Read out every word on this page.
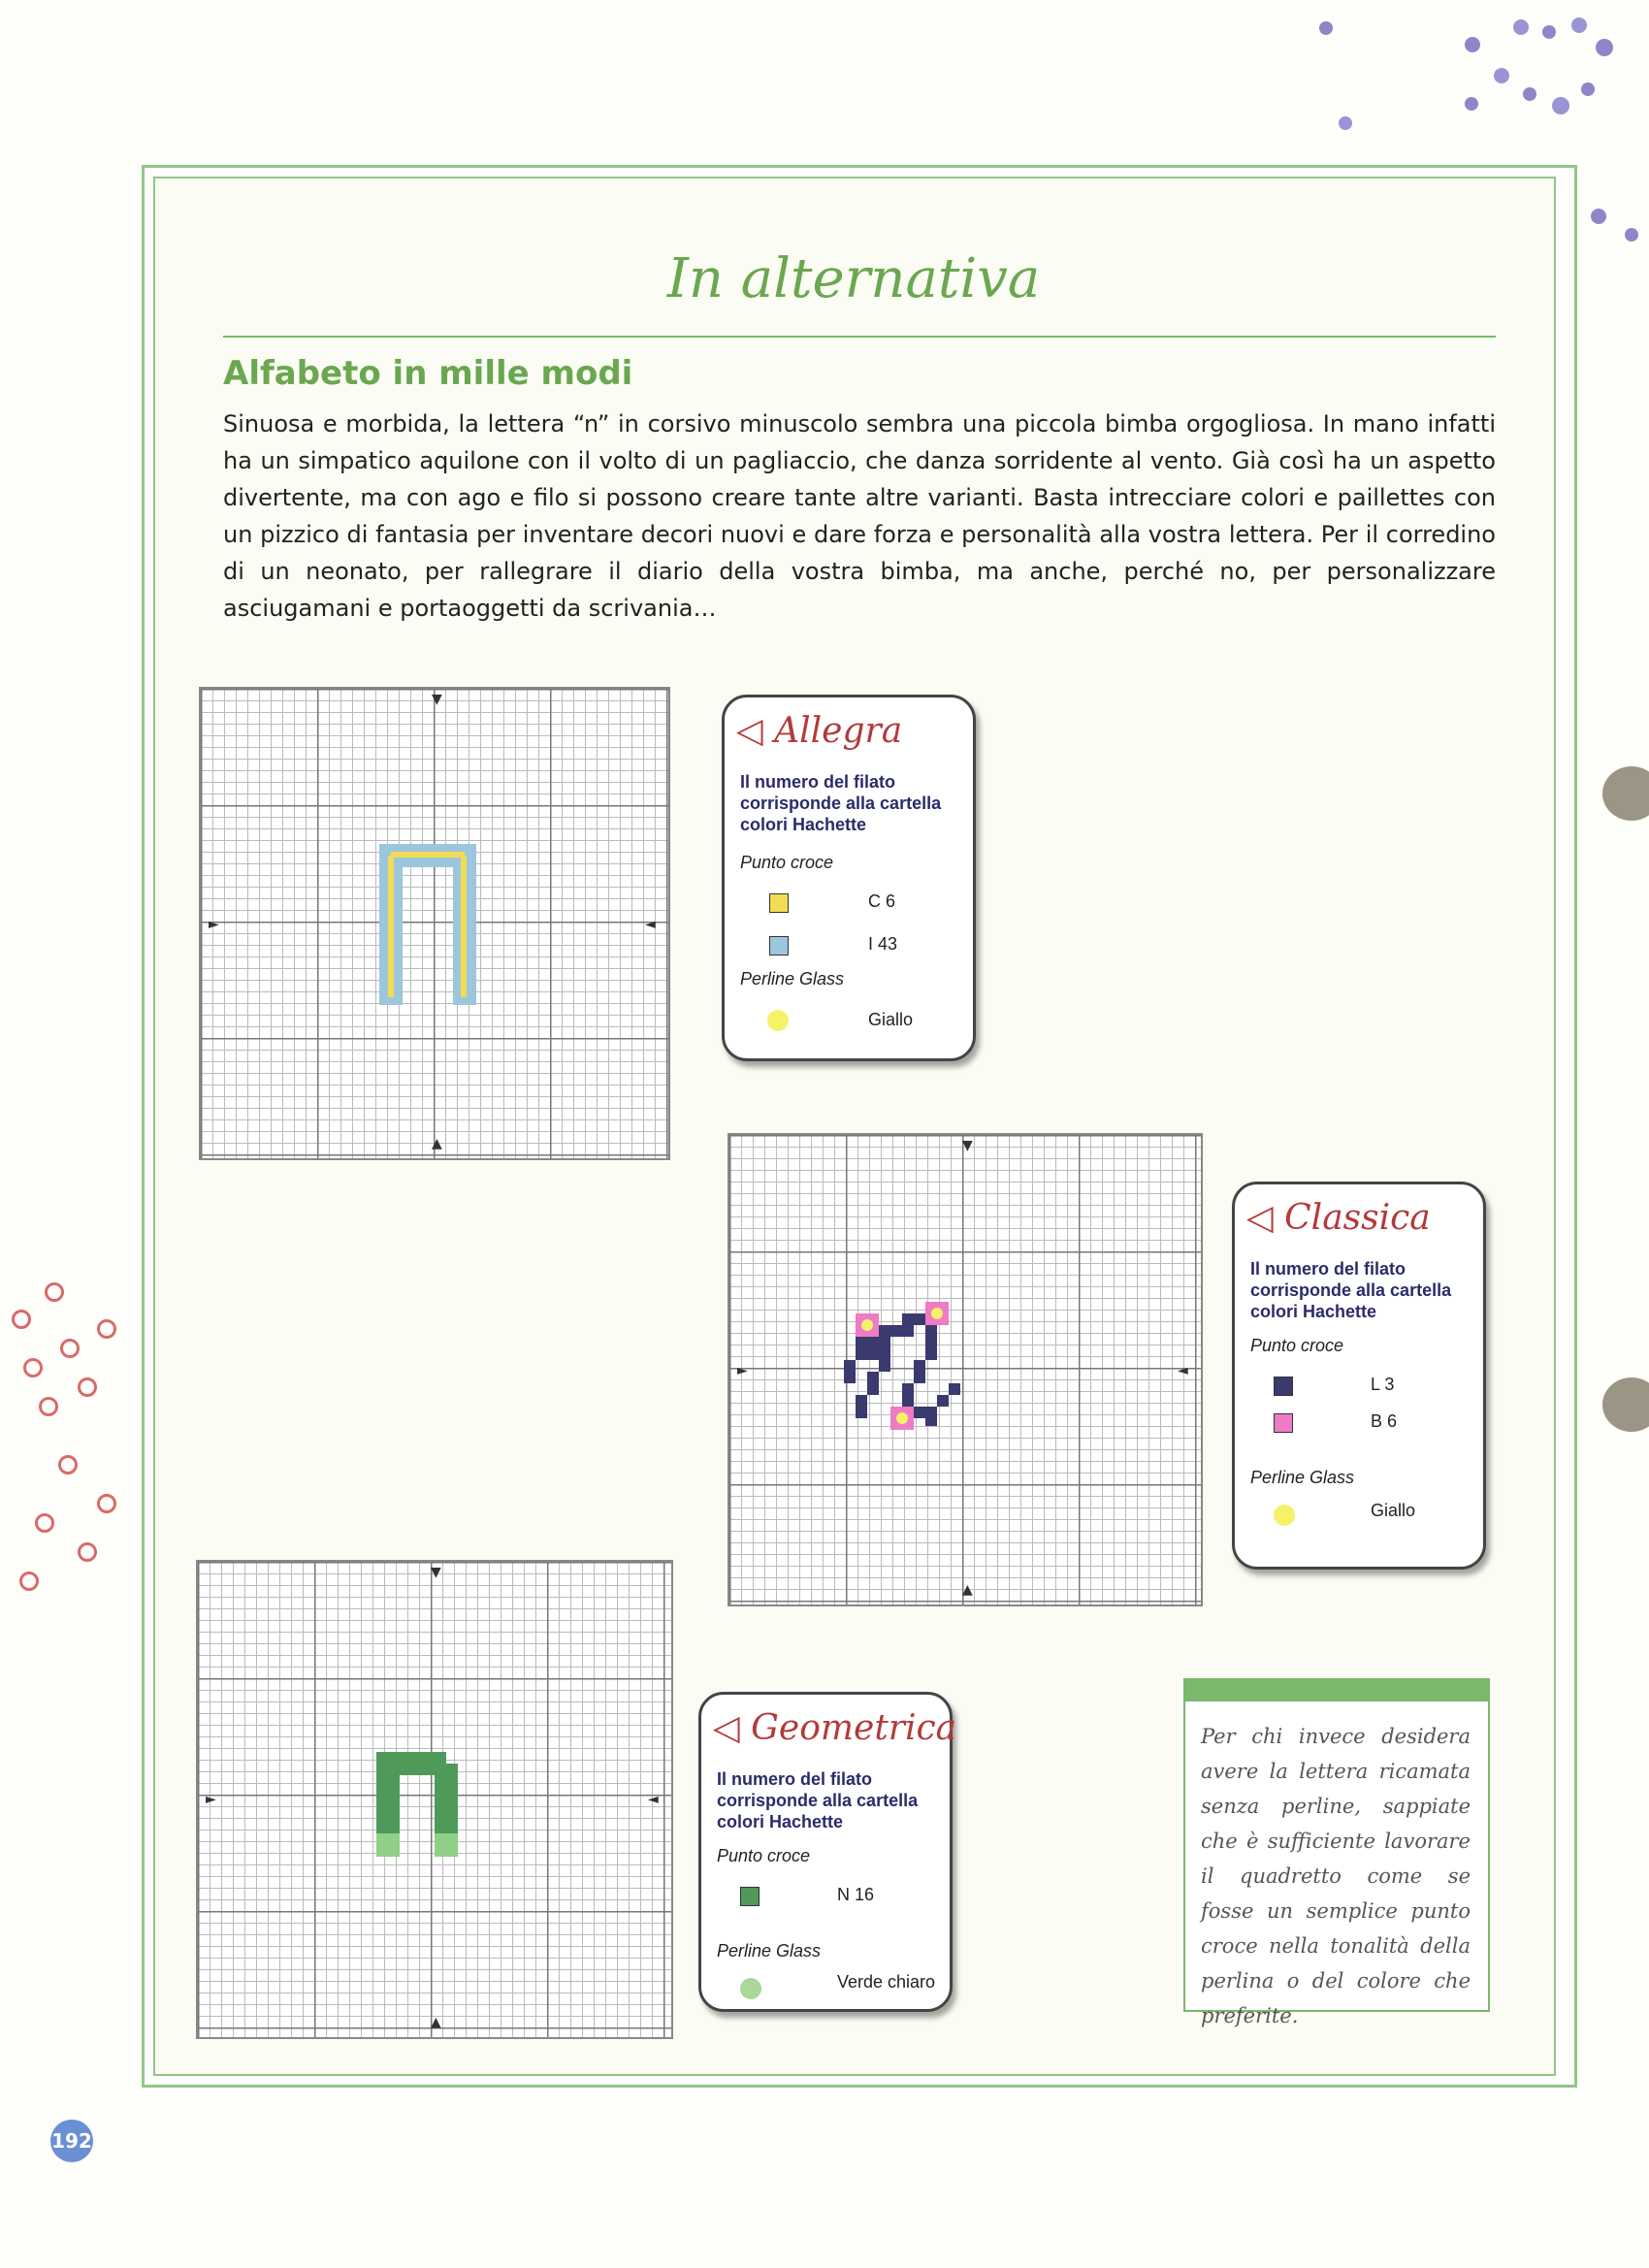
In alternativa
Alfabeto in mille modi
Sinuosa e morbida, la lettera “n” in corsivo minuscolo sembra una piccola bimba orgogliosa. In mano infatti ha un simpatico aquilone con il volto di un pagliaccio, che danza sorridente al vento. Già così ha un aspetto divertente, ma con ago e filo si possono creare tante altre varianti. Basta intrecciare colori e paillettes con un pizzico di fantasia per inventare decori nuovi e dare forza e personalità alla vostra lettera. Per il corredino di un neonato, per rallegrare il diario della vostra bimba, ma anche, perché no, per personalizzare asciugamani e portaoggetti da scrivania…
▼
▲
►	◄
◁ Allegra
Il numero del filato corrisponde alla cartella colori Hachette
Punto croce
C 6
I 43
Perline Glass
Giallo
▼
▲
►	◄
◁ Classica
Il numero del filato corrisponde alla cartella colori Hachette
Punto croce
L 3
B 6
Perline Glass
Giallo
▼
▲
►	◄
◁ Geometrica
Il numero del filato corrisponde alla cartella colori Hachette
Punto croce
N 16
Perline Glass
Verde chiaro
Per chi invece desidera avere la lettera ricamata senza perline, sappiate che è sufficiente lavorare il quadretto come se fosse un semplice punto croce nella tonalità della perlina o del colore che preferite.
192
